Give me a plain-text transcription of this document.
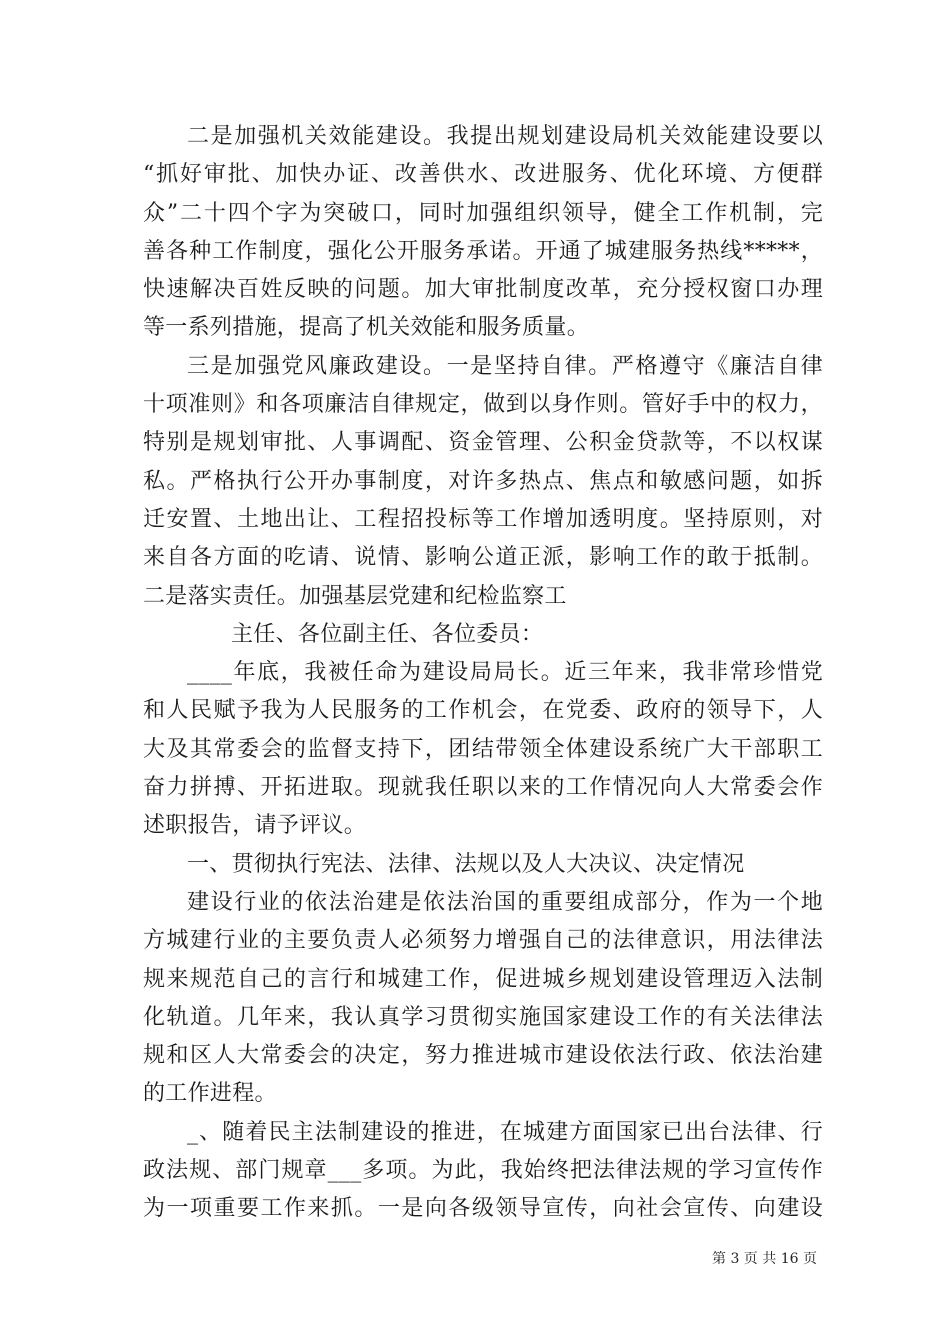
二是加强机关效能建设。我提出规划建设局机关效能建设要以
“抓好审批、加快办证、改善供水、改进服务、优化环境、方便群
众”二十四个字为突破口，同时加强组织领导，健全工作机制，完
善各种工作制度，强化公开服务承诺。开通了城建服务热线*****，
快速解决百姓反映的问题。加大审批制度改革，充分授权窗口办理
等一系列措施，提高了机关效能和服务质量。
三是加强党风廉政建设。一是坚持自律。严格遵守《廉洁自律
十项准则》和各项廉洁自律规定，做到以身作则。管好手中的权力，
特别是规划审批、人事调配、资金管理、公积金贷款等，不以权谋
私。严格执行公开办事制度，对许多热点、焦点和敏感问题，如拆
迁安置、土地出让、工程招投标等工作增加透明度。坚持原则，对
来自各方面的吃请、说情、影响公道正派，影响工作的敢于抵制。
二是落实责任。加强基层党建和纪检监察工
主任、各位副主任、各位委员：
____年底，我被任命为建设局局长。近三年来，我非常珍惜党
和人民赋予我为人民服务的工作机会，在党委、政府的领导下，人
大及其常委会的监督支持下，团结带领全体建设系统广大干部职工
奋力拼搏、开拓进取。现就我任职以来的工作情况向人大常委会作
述职报告，请予评议。
一、贯彻执行宪法、法律、法规以及人大决议、决定情况
建设行业的依法治建是依法治国的重要组成部分，作为一个地
方城建行业的主要负责人必须努力增强自己的法律意识，用法律法
规来规范自己的言行和城建工作，促进城乡规划建设管理迈入法制
化轨道。几年来，我认真学习贯彻实施国家建设工作的有关法律法
规和区人大常委会的决定，努力推进城市建设依法行政、依法治建
的工作进程。
_、随着民主法制建设的推进，在城建方面国家已出台法律、行
政法规、部门规章___多项。为此，我始终把法律法规的学习宣传作
为一项重要工作来抓。一是向各级领导宣传，向社会宣传、向建设
第 3 页 共 16 页
